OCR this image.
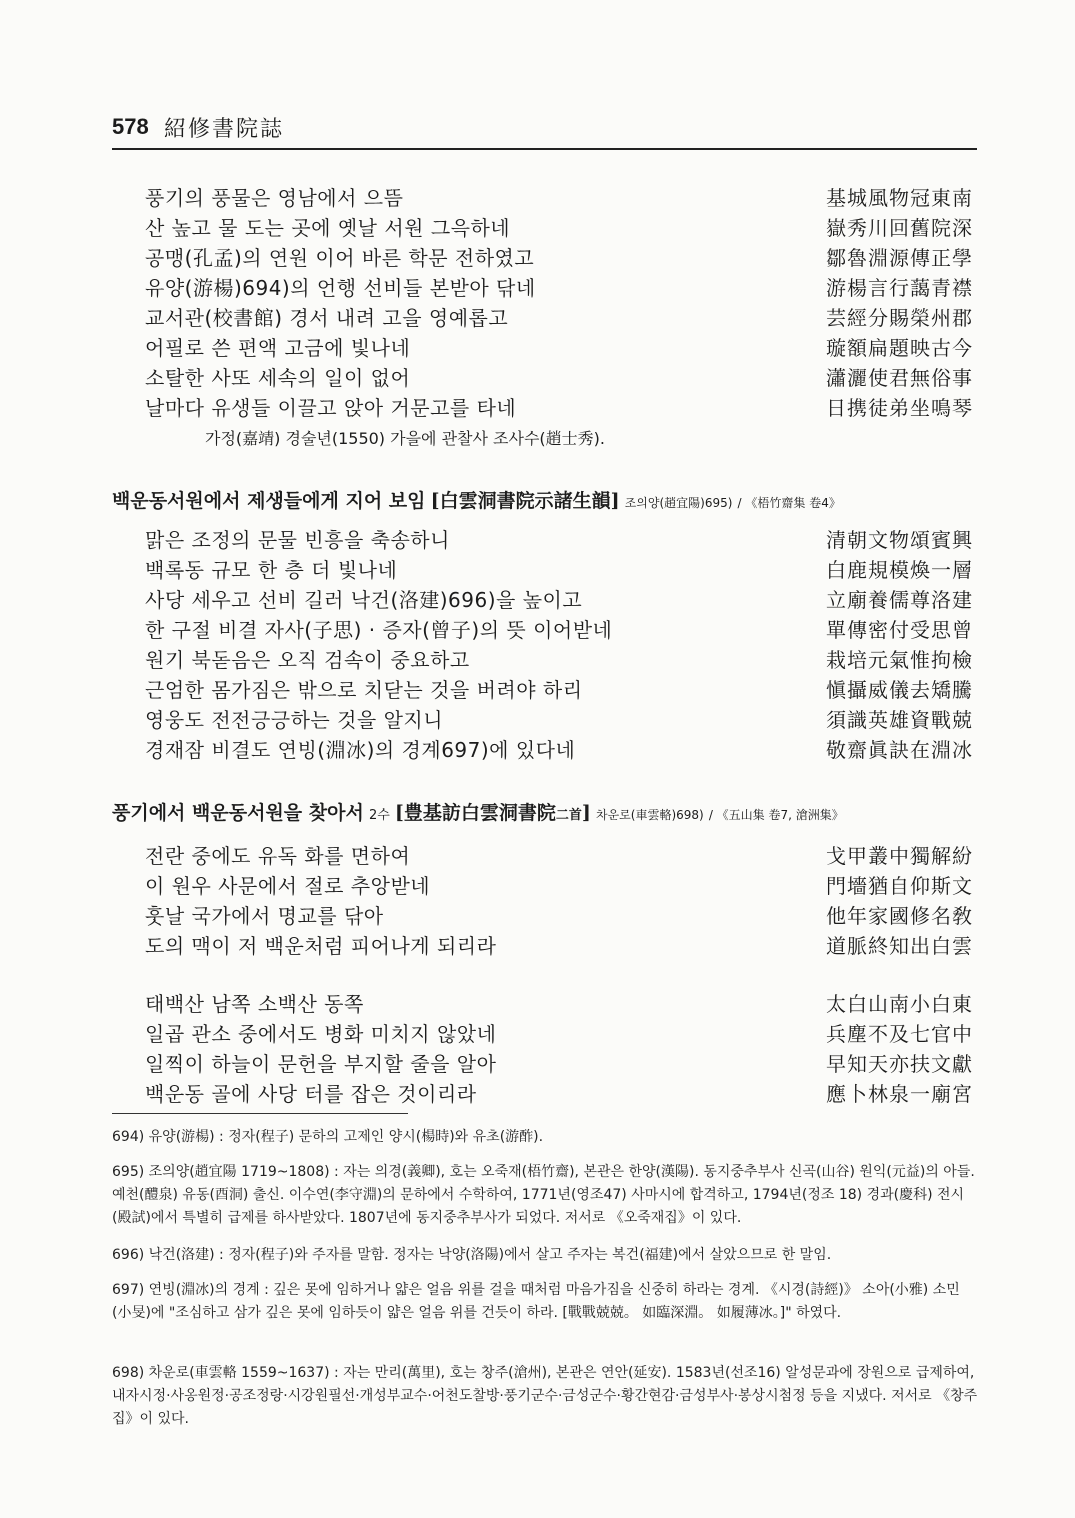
578 紹修書院誌
풍기의 풍물은 영남에서 으뜸	基城風物冠東南
산 높고 물 도는 곳에 옛날 서원 그윽하네	嶽秀川回舊院深
공맹(孔孟)의 연원 이어 바른 학문 전하였고	鄒魯淵源傳正學
유양(游楊)694)의 언행 선비들 본받아 닦네	游楊言行藹青襟
교서관(校書館) 경서 내려 고을 영예롭고	芸經分賜榮州郡
어필로 쓴 편액 고금에 빛나네	璇額扁題映古今
소탈한 사또 세속의 일이 없어	瀟灑使君無俗事
날마다 유생들 이끌고 앉아 거문고를 타네	日携徒弟坐鳴琴
가정(嘉靖) 경술년(1550) 가을에 관찰사 조사수(趙士秀).
백운동서원에서 제생들에게 지어 보임 [白雲洞書院示諸生韻] 조의양(趙宜陽)695) / 《梧竹齋集 卷4》
맑은 조정의 문물 빈흥을 축송하니	清朝文物頌賓興
백록동 규모 한 층 더 빛나네	白鹿規模煥一層
사당 세우고 선비 길러 낙건(洛建)696)을 높이고	立廟養儒尊洛建
한 구절 비결 자사(子思) · 증자(曾子)의 뜻 이어받네	單傳密付受思曾
원기 북돋음은 오직 검속이 중요하고	栽培元氣惟拘檢
근엄한 몸가짐은 밖으로 치닫는 것을 버려야 하리	愼攝威儀去矯騰
영웅도 전전긍긍하는 것을 알지니	須識英雄資戰兢
경재잠 비결도 연빙(淵冰)의 경계697)에 있다네	敬齋眞訣在淵冰
풍기에서 백운동서원을 찾아서 2수 [豊基訪白雲洞書院二首] 차운로(車雲輅)698) / 《五山集 卷7, 滄洲集》
전란 중에도 유독 화를 면하여	戈甲叢中獨解紛
이 원우 사문에서 절로 추앙받네	門墻猶自仰斯文
훗날 국가에서 명교를 닦아	他年家國修名敎
도의 맥이 저 백운처럼 피어나게 되리라	道脈終知出白雲
태백산 남쪽 소백산 동쪽	太白山南小白東
일곱 관소 중에서도 병화 미치지 않았네	兵塵不及七官中
일찍이 하늘이 문헌을 부지할 줄을 알아	早知天亦扶文獻
백운동 골에 사당 터를 잡은 것이리라	應卜林泉一廟宮
694) 유양(游楊) : 정자(程子) 문하의 고제인 양시(楊時)와 유초(游酢).
695) 조의양(趙宜陽 1719~1808) : 자는 의경(義卿), 호는 오죽재(梧竹齋), 본관은 한양(漢陽). 동지중추부사 신곡(山谷) 원익(元益)의 아들. 예천(醴泉) 유동(酉洞) 출신. 이수연(李守淵)의 문하에서 수학하여, 1771년(영조47) 사마시에 합격하고, 1794년(정조 18) 경과(慶科) 전시(殿試)에서 특별히 급제를 하사받았다. 1807년에 동지중추부사가 되었다. 저서로 《오죽재집》이 있다.
696) 낙건(洛建) : 정자(程子)와 주자를 말함. 정자는 낙양(洛陽)에서 살고 주자는 복건(福建)에서 살았으므로 한 말임.
697) 연빙(淵冰)의 경계 : 깊은 못에 임하거나 얇은 얼음 위를 걸을 때처럼 마음가짐을 신중히 하라는 경계. 《시경(詩經)》 소아(小雅) 소민(小旻)에 "조심하고 삼가 깊은 못에 임하듯이 얇은 얼음 위를 건듯이 하라. [戰戰兢兢。 如臨深淵。 如履薄冰。]" 하였다.
698) 차운로(車雲輅 1559~1637) : 자는 만리(萬里), 호는 창주(滄州), 본관은 연안(延安). 1583년(선조16) 알성문과에 장원으로 급제하여, 내자시정·사옹원정·공조정랑·시강원필선·개성부교수·어천도찰방·풍기군수·금성군수·황간현감·금성부사·봉상시첨정 등을 지냈다. 저서로 《창주집》이 있다.
